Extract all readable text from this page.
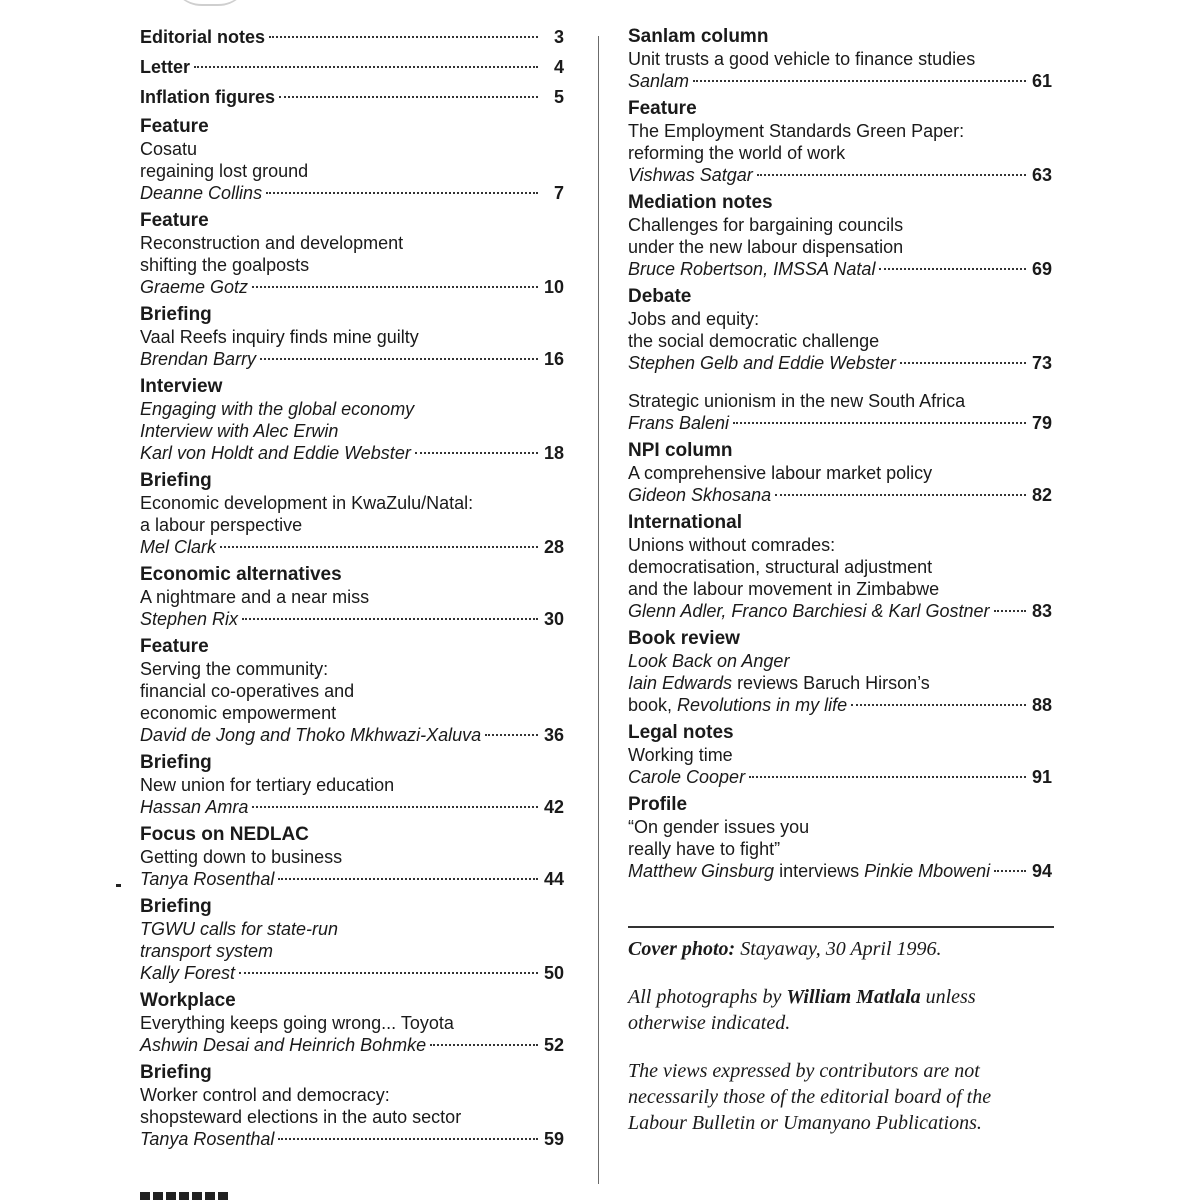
Editorial notes	3
Letter	4
Inflation figures	5
Feature
Cosatu
regaining lost ground
Deanne Collins	7
Feature
Reconstruction and development
shifting the goalposts
Graeme Gotz	10
Briefing
Vaal Reefs inquiry finds mine guilty
Brendan Barry	16
Interview
Engaging with the global economy
Interview with Alec Erwin
Karl von Holdt and Eddie Webster	18
Briefing
Economic development in KwaZulu/Natal:
a labour perspective
Mel Clark	28
Economic alternatives
A nightmare and a near miss
Stephen Rix	30
Feature
Serving the community:
financial co-operatives and
economic empowerment
David de Jong and Thoko Mkhwazi-Xaluva	36
Briefing
New union for tertiary education
Hassan Amra	42
Focus on NEDLAC
Getting down to business
Tanya Rosenthal	44
Briefing
TGWU calls for state-run
transport system
Kally Forest	50
Workplace
Everything keeps going wrong... Toyota
Ashwin Desai and Heinrich Bohmke	52
Briefing
Worker control and democracy:
shopsteward elections in the auto sector
Tanya Rosenthal	59
Sanlam column
Unit trusts a good vehicle to finance studies
Sanlam	61
Feature
The Employment Standards Green Paper:
reforming the world of work
Vishwas Satgar	63
Mediation notes
Challenges for bargaining councils
under the new labour dispensation
Bruce Robertson, IMSSA Natal	69
Debate
Jobs and equity:
the social democratic challenge
Stephen Gelb and Eddie Webster	73
Strategic unionism in the new South Africa
Frans Baleni	79
NPI column
A comprehensive labour market policy
Gideon Skhosana	82
International
Unions without comrades:
democratisation, structural adjustment
and the labour movement in Zimbabwe
Glenn Adler, Franco Barchiesi & Karl Gostner 83
Book review
Look Back on Anger
Iain Edwards reviews Baruch Hirson’s
book, Revolutions in my life	88
Legal notes
Working time
Carole Cooper	91
Profile
“On gender issues you
really have to fight”
Matthew Ginsburg interviews Pinkie Mboweni 94
Cover photo: Stayaway, 30 April 1996.
All photographs by William Matlala unless otherwise indicated.
The views expressed by contributors are not necessarily those of the editorial board of the Labour Bulletin or Umanyano Publications.
